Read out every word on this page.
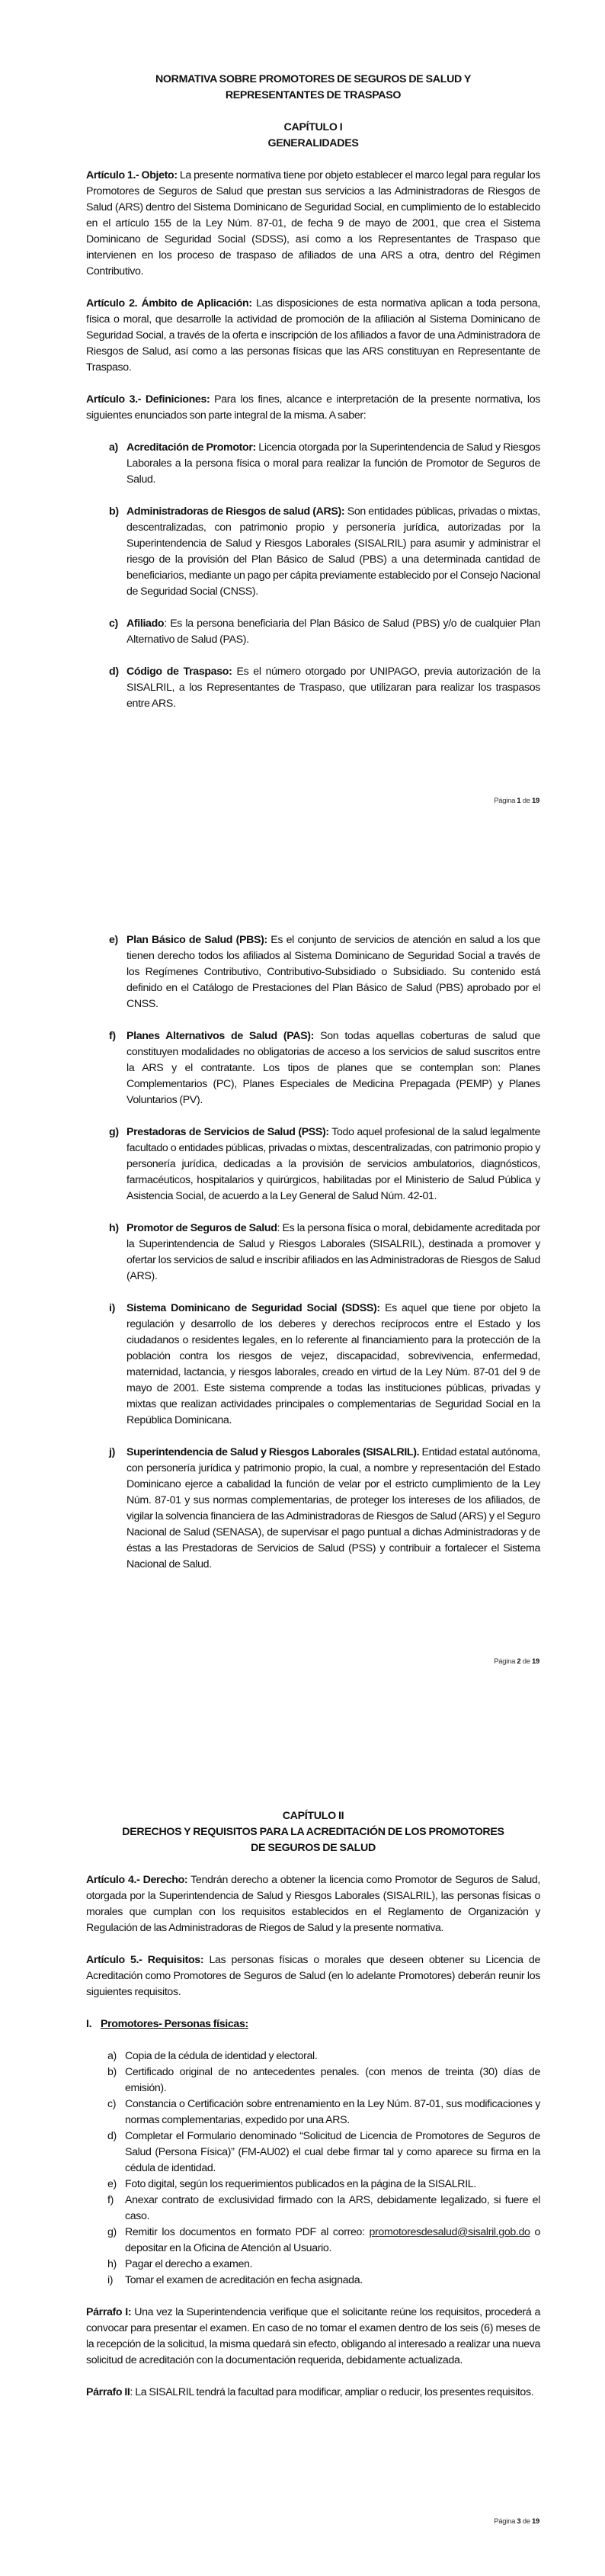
NORMATIVA SOBRE PROMOTORES DE SEGUROS DE SALUD Y
REPRESENTANTES DE TRASPASO
CAPÍTULO I
GENERALIDADES

Artículo 1.- Objeto: La presente normativa tiene por objeto establecer el marco legal para regular los Promotores de Seguros de Salud que prestan sus servicios a las Administradoras de Riesgos de Salud (ARS) dentro del Sistema Dominicano de Seguridad Social, en cumplimiento de lo establecido en el artículo 155 de la Ley Núm. 87-01, de fecha 9 de mayo de 2001, que crea el Sistema Dominicano de Seguridad Social (SDSS), así como a los Representantes de Traspaso que intervienen en los proceso de traspaso de afiliados de una ARS a otra, dentro del Régimen Contributivo.

Artículo 2. Ámbito de Aplicación: Las disposiciones de esta normativa aplican a toda persona, física o moral, que desarrolle la actividad de promoción de la afiliación al Sistema Dominicano de Seguridad Social, a través de la oferta e inscripción de los afiliados a favor de una Administradora de Riesgos de Salud, así como a las personas físicas que las ARS constituyan en Representante de Traspaso.

Artículo 3.- Definiciones: Para los fines, alcance e interpretación de la presente normativa, los siguientes enunciados son parte integral de la misma. A saber:

a) Acreditación de Promotor: Licencia otorgada por la Superintendencia de Salud y Riesgos Laborales a la persona física o moral para realizar la función de Promotor de Seguros de Salud.
b) Administradoras de Riesgos de salud (ARS): Son entidades públicas, privadas o mixtas, descentralizadas, con patrimonio propio y personería jurídica, autorizadas por la Superintendencia de Salud y Riesgos Laborales (SISALRIL) para asumir y administrar el riesgo de la provisión del Plan Básico de Salud (PBS) a una determinada cantidad de beneficiarios, mediante un pago per cápita previamente establecido por el Consejo Nacional de Seguridad Social (CNSS).
c) Afiliado: Es la persona beneficiaria del Plan Básico de Salud (PBS) y/o de cualquier Plan Alternativo de Salud (PAS).
d) Código de Traspaso: Es el número otorgado por UNIPAGO, previa autorización de la SISALRIL, a los Representantes de Traspaso, que utilizaran para realizar los traspasos entre ARS.
Página 1 de 19
e) Plan Básico de Salud (PBS): Es el conjunto de servicios de atención en salud a los que tienen derecho todos los afiliados al Sistema Dominicano de Seguridad Social a través de los Regímenes Contributivo, Contributivo-Subsidiado o Subsidiado. Su contenido está definido en el Catálogo de Prestaciones del Plan Básico de Salud (PBS) aprobado por el CNSS.
f) Planes Alternativos de Salud (PAS): Son todas aquellas coberturas de salud que constituyen modalidades no obligatorias de acceso a los servicios de salud suscritos entre la ARS y el contratante. Los tipos de planes que se contemplan son: Planes Complementarios (PC), Planes Especiales de Medicina Prepagada (PEMP) y Planes Voluntarios (PV).
g) Prestadoras de Servicios de Salud (PSS): Todo aquel profesional de la salud legalmente facultado o entidades públicas, privadas o mixtas, descentralizadas, con patrimonio propio y personería jurídica, dedicadas a la provisión de servicios ambulatorios, diagnósticos, farmacéuticos, hospitalarios y quirúrgicos, habilitadas por el Ministerio de Salud Pública y Asistencia Social, de acuerdo a la Ley General de Salud Núm. 42-01.
h) Promotor de Seguros de Salud: Es la persona física o moral, debidamente acreditada por la Superintendencia de Salud y Riesgos Laborales (SISALRIL), destinada a promover y ofertar los servicios de salud e inscribir afiliados en las Administradoras de Riesgos de Salud (ARS).
i) Sistema Dominicano de Seguridad Social (SDSS): Es aquel que tiene por objeto la regulación y desarrollo de los deberes y derechos recíprocos entre el Estado y los ciudadanos o residentes legales, en lo referente al financiamiento para la protección de la población contra los riesgos de vejez, discapacidad, sobrevivencia, enfermedad, maternidad, lactancia, y riesgos laborales, creado en virtud de la Ley Núm. 87-01 del 9 de mayo de 2001. Este sistema comprende a todas las instituciones públicas, privadas y mixtas que realizan actividades principales o complementarias de Seguridad Social en la República Dominicana.
j) Superintendencia de Salud y Riesgos Laborales (SISALRIL). Entidad estatal autónoma, con personería jurídica y patrimonio propio, la cual, a nombre y representación del Estado Dominicano ejerce a cabalidad la función de velar por el estricto cumplimiento de la Ley Núm. 87-01 y sus normas complementarias, de proteger los intereses de los afiliados, de vigilar la solvencia financiera de las Administradoras de Riesgos de Salud (ARS) y el Seguro Nacional de Salud (SENASA), de supervisar el pago puntual a dichas Administradoras y de éstas a las Prestadoras de Servicios de Salud (PSS) y contribuir a fortalecer el Sistema Nacional de Salud.
Página 2 de 19
CAPÍTULO II
DERECHOS Y REQUISITOS PARA LA ACREDITACIÓN DE LOS PROMOTORES
DE SEGUROS DE SALUD

Artículo 4.- Derecho: Tendrán derecho a obtener la licencia como Promotor de Seguros de Salud, otorgada por la Superintendencia de Salud y Riesgos Laborales (SISALRIL), las personas físicas o morales que cumplan con los requisitos establecidos en el Reglamento de Organización y Regulación de las Administradoras de Riegos de Salud y la presente normativa.

Artículo 5.- Requisitos: Las personas físicas o morales que deseen obtener su Licencia de Acreditación como Promotores de Seguros de Salud (en lo adelante Promotores) deberán reunir los siguientes requisitos.

I. Promotores- Personas físicas:
a) Copia de la cédula de identidad y electoral.
b) Certificado original de no antecedentes penales. (con menos de treinta (30) días de emisión).
c) Constancia o Certificación sobre entrenamiento en la Ley Núm. 87-01, sus modificaciones y normas complementarias, expedido por una ARS.
d) Completar el Formulario denominado “Solicitud de Licencia de Promotores de Seguros de Salud (Persona Física)” (FM-AU02) el cual debe firmar tal y como aparece su firma en la cédula de identidad.
e) Foto digital, según los requerimientos publicados en la página de la SISALRIL.
f) Anexar contrato de exclusividad firmado con la ARS, debidamente legalizado, si fuere el caso.
g) Remitir los documentos en formato PDF al correo: promotoresdesalud@sisalril.gob.do o depositar en la Oficina de Atención al Usuario.
h) Pagar el derecho a examen.
i) Tomar el examen de acreditación en fecha asignada.

Párrafo I: Una vez la Superintendencia verifique que el solicitante reúne los requisitos, procederá a convocar para presentar el examen. En caso de no tomar el examen dentro de los seis (6) meses de la recepción de la solicitud, la misma quedará sin efecto, obligando al interesado a realizar una nueva solicitud de acreditación con la documentación requerida, debidamente actualizada.

Párrafo II: La SISALRIL tendrá la facultad para modificar, ampliar o reducir, los presentes requisitos.

Página 3 de 19
